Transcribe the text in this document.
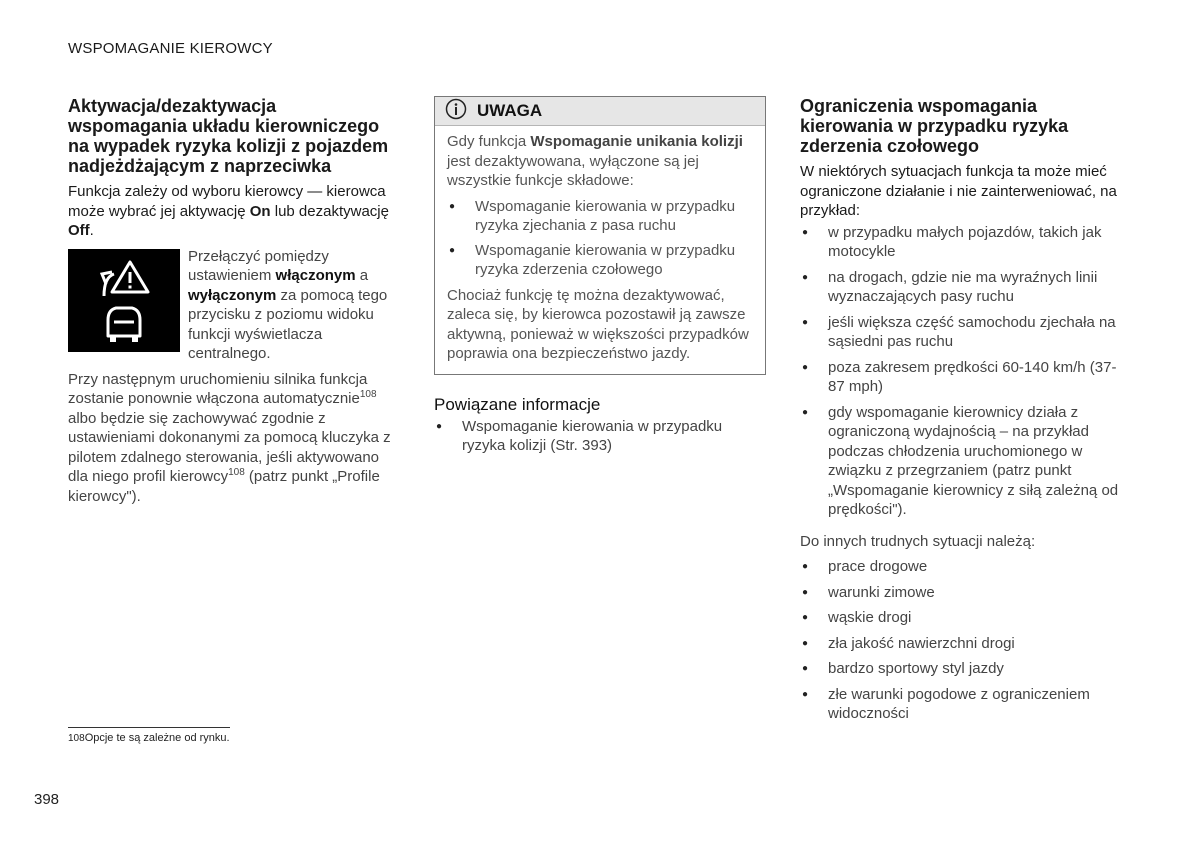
WSPOMAGANIE KIEROWCY
Aktywacja/dezaktywacja wspomagania układu kierowniczego na wypadek ryzyka kolizji z pojazdem nadjeżdżającym z naprzeciwka

Funkcja zależy od wyboru kierowcy — kierowca może wybrać jej aktywację On lub dezaktywację Off.

Przełączyć pomiędzy ustawieniem włączonym a wyłączonym za pomocą tego przycisku z poziomu widoku funkcji wyświetlacza centralnego.
Przy następnym uruchomieniu silnika funkcja zostanie ponownie włączona automatycznie$^{108}$ albo będzie się zachowywać zgodnie z ustawieniami dokonanymi za pomocą kluczyka z pilotem zdalnego sterowania, jeśli aktywowano dla niego profil kierowcy$^{108}$ (patrz punkt „Profile kierowcy").
UWAGA

Gdy funkcja Wspomaganie unikania kolizji jest dezaktywowana, wyłączone są jej wszystkie funkcje składowe:

● Wspomaganie kierowania w przypadku ryzyka zjechania z pasa ruchu
● Wspomaganie kierowania w przypadku ryzyka zderzenia czołowego

Chociaż funkcję tę można dezaktywować, zaleca się, by kierowca pozostawił ją zawsze aktywną, ponieważ w większości przypadków poprawia ona bezpieczeństwo jazdy.

Powiązane informacje
● Wspomaganie kierowania w przypadku ryzyka kolizji (Str. 393)
Ograniczenia wspomagania kierowania w przypadku ryzyka zderzenia czołowego

W niektórych sytuacjach funkcja ta może mieć ograniczone działanie i nie zainterweniować, na przykład:

● w przypadku małych pojazdów, takich jak motocykle
● na drogach, gdzie nie ma wyraźnych linii wyznaczających pasy ruchu
● jeśli większa część samochodu zjechała na sąsiedni pas ruchu
● poza zakresem prędkości 60-140 km/h (37-87 mph)
● gdy wspomaganie kierownicy działa z ograniczoną wydajnością – na przykład podczas chłodzenia uruchomionego w związku z przegrzaniem (patrz punkt „Wspomaganie kierownicy z siłą zależną od prędkości").

Do innych trudnych sytuacji należą:

● prace drogowe
● warunki zimowe
● wąskie drogi
● zła jakość nawierzchni drogi
● bardzo sportowy styl jazdy
● złe warunki pogodowe z ograniczeniem widoczności
108Opcje te są zależne od rynku.
398
